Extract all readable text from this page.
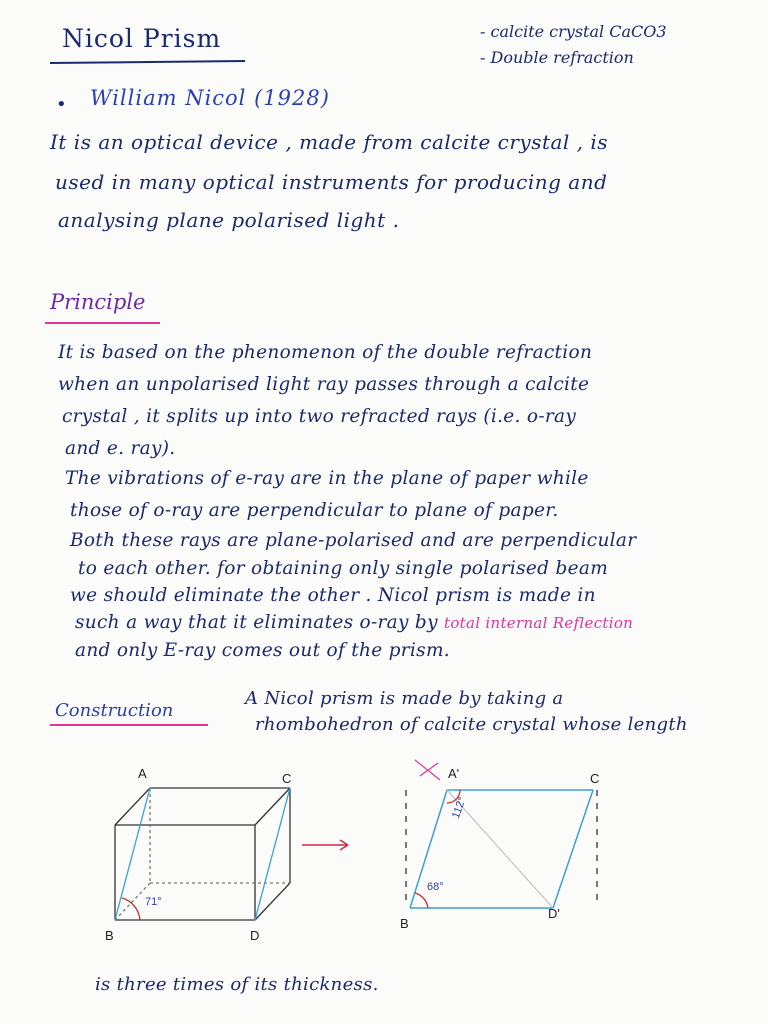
Nicol Prism	- calcite crystal CaCO3
- Double refraction
• William Nicol (1928)
It is an optical device , made from calcite crystal , is
used in many optical instruments for producing and
analysing plane polarised light .
Principle
It is based on the phenomenon of the double refraction
when an unpolarised light ray passes through a calcite
crystal , it splits up into two refracted rays (i.e. o-ray
and e. ray).
The vibrations of e-ray are in the plane of paper while
those of o-ray are perpendicular to plane of paper.
Both these rays are plane-polarised and are perpendicular
to each other. for obtaining only single polarised beam
we should eliminate the other . Nicol prism is made in
such a way that it eliminates o-ray by total internal Reflection
and only E-ray comes out of the prism.
Construction
A Nicol prism is made by taking a
rhombohedron of calcite crystal whose length
71°
A	C
B	D
112°
68°
A'	C
B
D'
is three times of its thickness.
